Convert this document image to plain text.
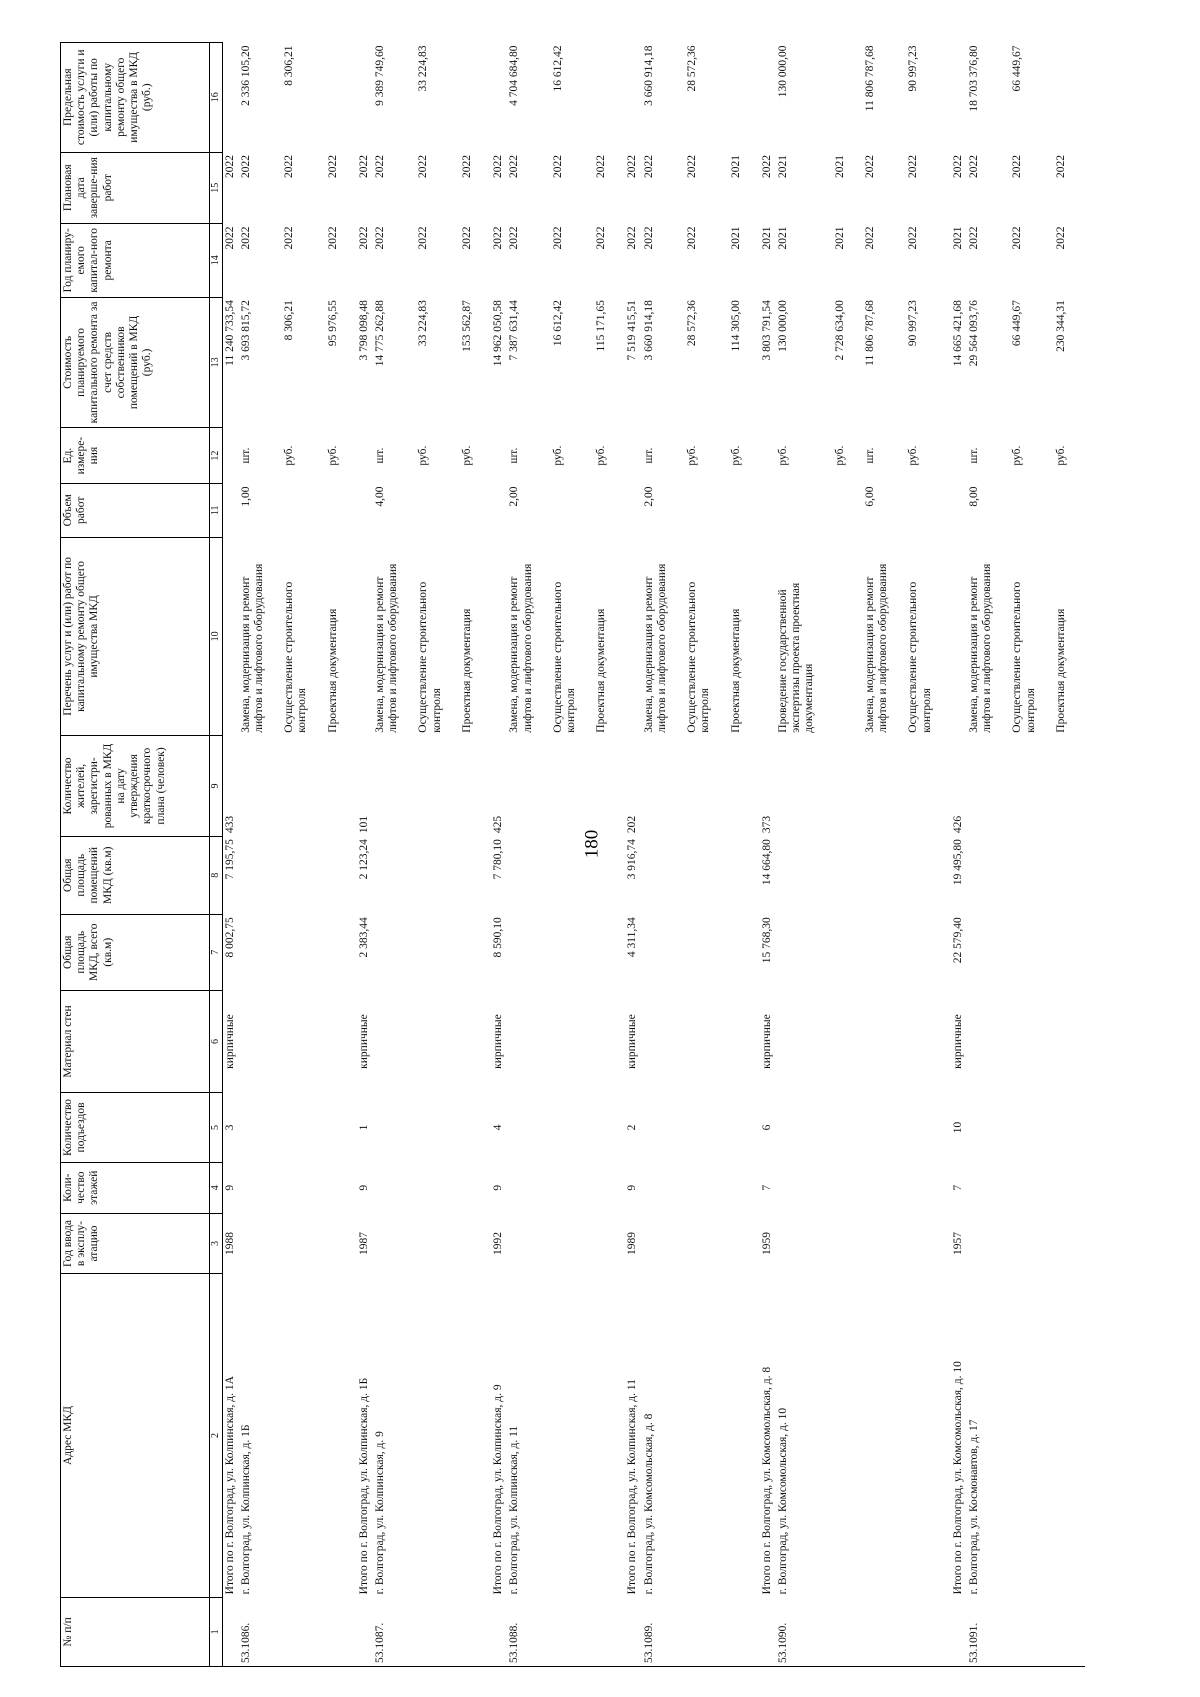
180
№ п/п	Адрес МКД	Год ввода в эксплу-атацию	Коли-чество этажей	Количество подъездов	Материал стен	Общая площадь МКД, всего (кв.м)	Общая площадь помещений МКД (кв.м)	Количество жителей, зарегистри-рованных в МКД на дату утверждения краткосрочного плана (человек)	Перечень услуг и (или) работ по капитальному ремонту общего имущества МКД	Объем работ	Ед. измере-ния	Стоимость планируемого капитального ремонта за счет средств собственников помещений в МКД (руб.)	Год планиру-емого капитал-ного ремонта	Плановая дата заверше-ния работ	Предельная стоимость услуги и (или) работы по капитальному ремонту общего имущества в МКД (руб.)
1	2	3	4	5	6	7	8	9	10	11	12	13	14	15	16
	Итого по г. Волгоград, ул. Колпинская, д. 1А	1988	9	3	кирпичные	8 002,75	7 195,75	433				11 240 733,54	2022	2022	
53.1086.	г. Волгоград, ул. Колпинская, д. 1Б								Замена, модернизация и ремонт лифтов и лифтового оборудования	1,00	шт.	3 693 815,72	2022	2022	2 336 105,20
									Осуществление строительного контроля		руб.	8 306,21	2022	2022	8 306,21
									Проектная документация		руб.	95 976,55	2022	2022	

	Итого по г. Волгоград, ул. Колпинская, д. 1Б	1987	9	1	кирпичные	2 383,44	2 123,24	101				3 798 098,48	2022	2022	
53.1087.	г. Волгоград, ул. Колпинская, д. 9								Замена, модернизация и ремонт лифтов и лифтового оборудования	4,00	шт.	14 775 262,88	2022	2022	9 389 749,60
									Осуществление строительного контроля		руб.	33 224,83	2022	2022	33 224,83
									Проектная документация		руб.	153 562,87	2022	2022	

	Итого по г. Волгоград, ул. Колпинская, д. 9	1992	9	4	кирпичные	8 590,10	7 780,10	425				14 962 050,58	2022	2022	
53.1088.	г. Волгоград, ул. Колпинская, д. 11								Замена, модернизация и ремонт лифтов и лифтового оборудования	2,00	шт.	7 387 631,44	2022	2022	4 704 684,80
									Осуществление строительного контроля		руб.	16 612,42	2022	2022	16 612,42
									Проектная документация		руб.	115 171,65	2022	2022	

	Итого по г. Волгоград, ул. Колпинская, д. 11	1989	9	2	кирпичные	4 311,34	3 916,74	202				7 519 415,51	2022	2022	
53.1089.	г. Волгоград, ул. Комсомольская, д. 8								Замена, модернизация и ремонт лифтов и лифтового оборудования	2,00	шт.	3 660 914,18	2022	2022	3 660 914,18
									Осуществление строительного контроля		руб.	28 572,36	2022	2022	28 572,36
									Проектная документация		руб.	114 305,00	2021	2021	

	Итого по г. Волгоград, ул. Комсомольская, д. 8	1959	7	6	кирпичные	15 768,30	14 664,80	373				3 803 791,54	2021	2022	
53.1090.	г. Волгоград, ул. Комсомольская, д. 10								Проведение государственной экспертизы проекта проектная документация		руб.	130 000,00	2021	2021	130 000,00
											руб.	2 728 634,00	2021	2021	
									Замена, модернизация и ремонт лифтов и лифтового оборудования	6,00	шт.	11 806 787,68	2022	2022	11 806 787,68
									Осуществление строительного контроля		руб.	90 997,23	2022	2022	90 997,23

	Итого по г. Волгоград, ул. Комсомольская, д. 10	1957	7	10	кирпичные	22 579,40	19 495,80	426				14 665 421,68	2021	2022	
53.1091.	г. Волгоград, ул. Космонавтов, д. 17								Замена, модернизация и ремонт лифтов и лифтового оборудования	8,00	шт.	29 564 093,76	2022	2022	18 703 376,80
									Осуществление строительного контроля		руб.	66 449,67	2022	2022	66 449,67
									Проектная документация		руб.	230 344,31	2022	2022	
